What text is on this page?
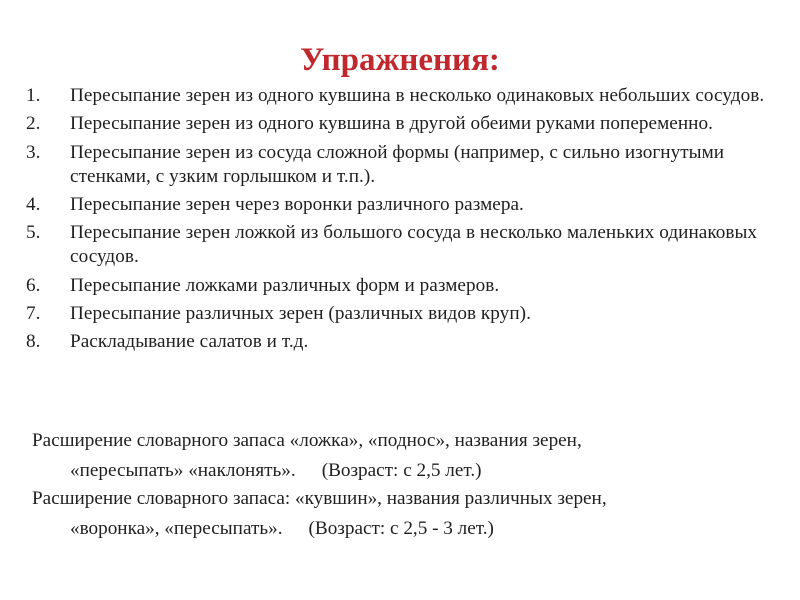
Упражнения:
1. Пересыпание зерен из одного кувшина в несколько одинаковых небольших сосудов.
2. Пересыпание зерен из одного кувшина в другой обеими руками попеременно.
3. Пересыпание зерен из сосуда сложной формы (например, с сильно изогнутыми стенками, с узким горлышком и т.п.).
4. Пересыпание зерен через воронки различного размера.
5. Пересыпание зерен ложкой из большого сосуда в несколько маленьких одинаковых сосудов.
6. Пересыпание ложками различных форм и размеров.
7. Пересыпание различных зерен (различных видов круп).
8. Раскладывание салатов и т.д.

Расширение словарного запаса «ложка», «поднос», названия зерен,
«пересыпать» «наклонять». (Возраст: с 2,5 лет.)

Расширение словарного запаса: «кувшин», названия различных зерен,
«воронка», «пересыпать». (Возраст: с 2,5 - 3 лет.)
